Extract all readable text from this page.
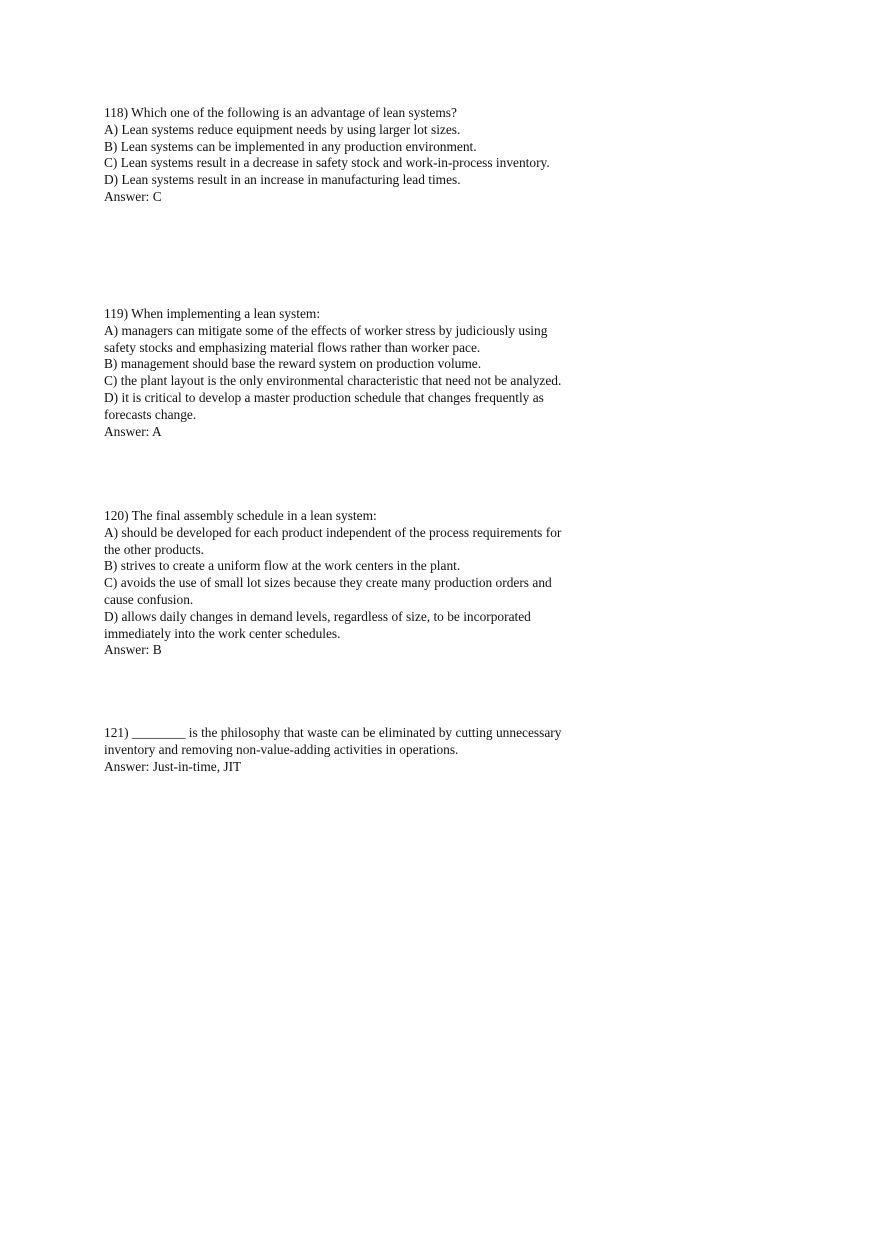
118) Which one of the following is an advantage of lean systems?
A) Lean systems reduce equipment needs by using larger lot sizes.
B) Lean systems can be implemented in any production environment.
C) Lean systems result in a decrease in safety stock and work-in-process inventory.
D) Lean systems result in an increase in manufacturing lead times.
Answer: C
119) When implementing a lean system:
A) managers can mitigate some of the effects of worker stress by judiciously using
safety stocks and emphasizing material flows rather than worker pace.
B) management should base the reward system on production volume.
C) the plant layout is the only environmental characteristic that need not be analyzed.
D) it is critical to develop a master production schedule that changes frequently as
forecasts change.
Answer: A
120) The final assembly schedule in a lean system:
A) should be developed for each product independent of the process requirements for
the other products.
B) strives to create a uniform flow at the work centers in the plant.
C) avoids the use of small lot sizes because they create many production orders and
cause confusion.
D) allows daily changes in demand levels, regardless of size, to be incorporated
immediately into the work center schedules.
Answer: B
121) ________ is the philosophy that waste can be eliminated by cutting unnecessary
inventory and removing non-value-adding activities in operations.
Answer: Just-in-time, JIT
